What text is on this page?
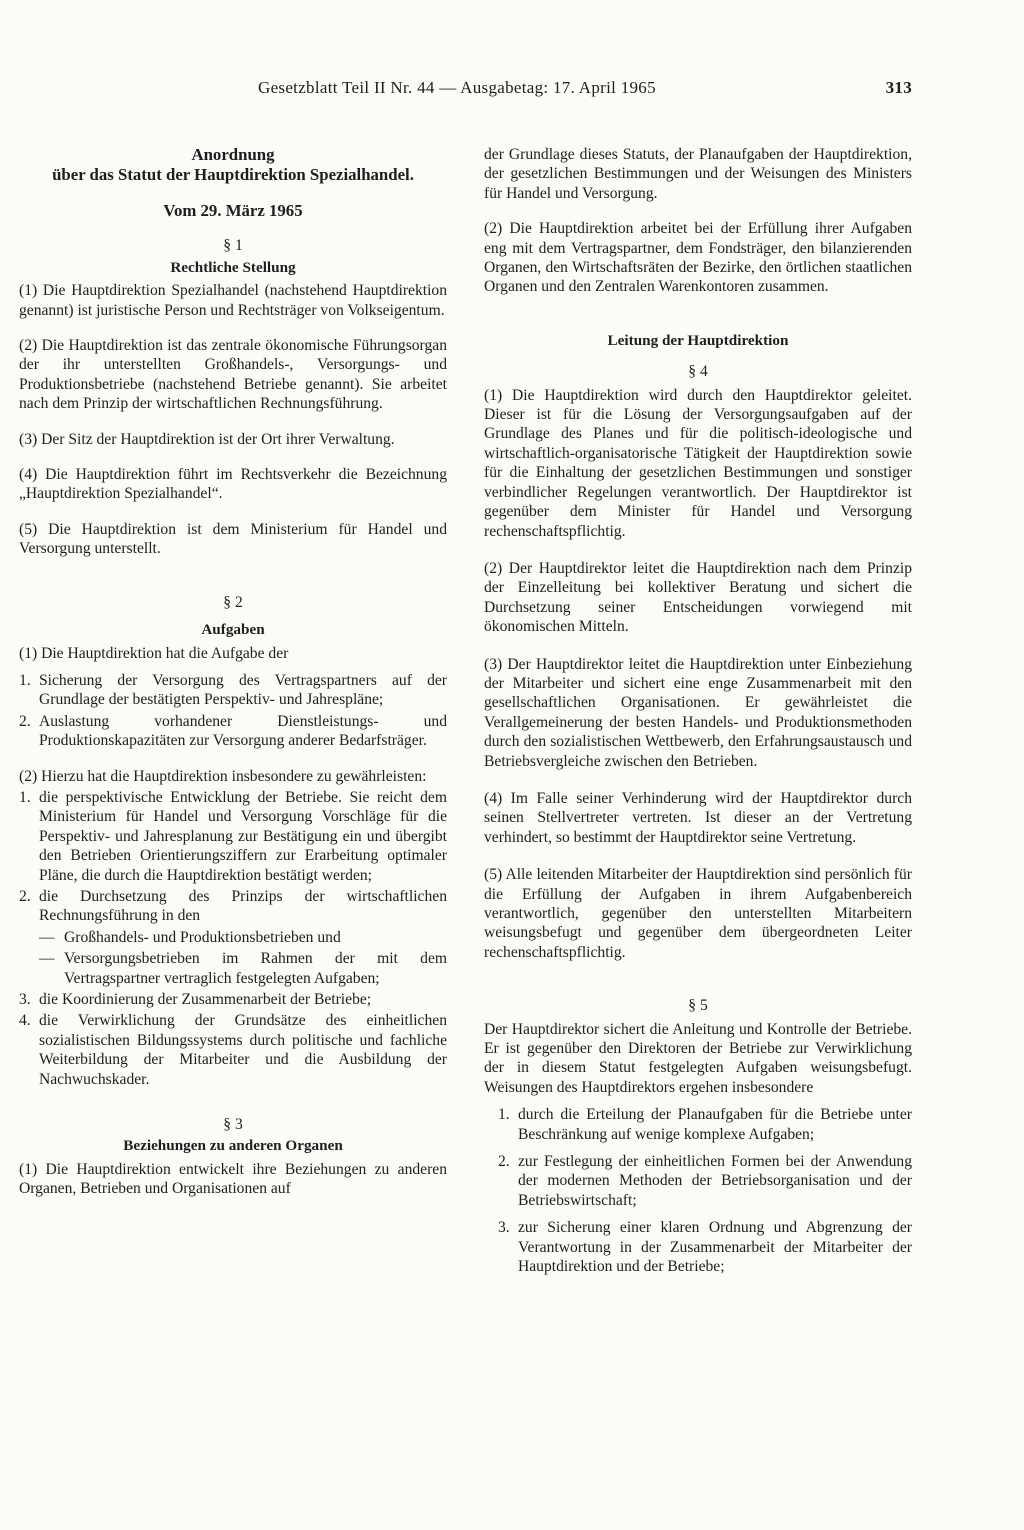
Gesetzblatt Teil II Nr. 44 — Ausgabetag: 17. April 1965	313

Anordnung

über das Statut der Hauptdirektion Spezialhandel.

Vom 29. März 1965

§ 1

Rechtliche Stellung

(1) Die Hauptdirektion Spezialhandel (nachstehend Hauptdirektion genannt) ist juristische Person und Rechtsträger von Volkseigentum.

(2) Die Hauptdirektion ist das zentrale ökonomische Führungsorgan der ihr unterstellten Großhandels-, Versorgungs- und Produktionsbetriebe (nachstehend Betriebe genannt). Sie arbeitet nach dem Prinzip der wirtschaftlichen Rechnungsführung.

(3) Der Sitz der Hauptdirektion ist der Ort ihrer Verwaltung.

(4) Die Hauptdirektion führt im Rechtsverkehr die Bezeichnung „Hauptdirektion Spezialhandel“.

(5) Die Hauptdirektion ist dem Ministerium für Handel und Versorgung unterstellt.

§ 2

Aufgaben

(1) Die Hauptdirektion hat die Aufgabe der

1. Sicherung der Versorgung des Vertragspartners auf der Grundlage der bestätigten Perspektiv- und Jahrespläne;
2. Auslastung vorhandener Dienstleistungs- und Produktionskapazitäten zur Versorgung anderer Bedarfsträger.

(2) Hierzu hat die Hauptdirektion insbesondere zu gewährleisten:

1. die perspektivische Entwicklung der Betriebe. Sie reicht dem Ministerium für Handel und Versorgung Vorschläge für die Perspektiv- und Jahresplanung zur Bestätigung ein und übergibt den Betrieben Orientierungsziffern zur Erarbeitung optimaler Pläne, die durch die Hauptdirektion bestätigt werden;
2. die Durchsetzung des Prinzips der wirtschaftlichen Rechnungsführung in den
— Großhandels- und Produktionsbetrieben und
— Versorgungsbetrieben im Rahmen der mit dem Vertragspartner vertraglich festgelegten Aufgaben;
3. die Koordinierung der Zusammenarbeit der Betriebe;
4. die Verwirklichung der Grundsätze des einheitlichen sozialistischen Bildungssystems durch politische und fachliche Weiterbildung der Mitarbeiter und die Ausbildung der Nachwuchskader.

§ 3

Beziehungen zu anderen Organen

(1) Die Hauptdirektion entwickelt ihre Beziehungen zu anderen Organen, Betrieben und Organisationen auf

der Grundlage dieses Statuts, der Planaufgaben der Hauptdirektion, der gesetzlichen Bestimmungen und der Weisungen des Ministers für Handel und Versorgung.

(2) Die Hauptdirektion arbeitet bei der Erfüllung ihrer Aufgaben eng mit dem Vertragspartner, dem Fondsträger, den bilanzierenden Organen, den Wirtschaftsräten der Bezirke, den örtlichen staatlichen Organen und den Zentralen Warenkontoren zusammen.

Leitung der Hauptdirektion

§ 4

(1) Die Hauptdirektion wird durch den Hauptdirektor geleitet. Dieser ist für die Lösung der Versorgungsaufgaben auf der Grundlage des Planes und für die politisch-ideologische und wirtschaftlich-organisatorische Tätigkeit der Hauptdirektion sowie für die Einhaltung der gesetzlichen Bestimmungen und sonstiger verbindlicher Regelungen verantwortlich. Der Hauptdirektor ist gegenüber dem Minister für Handel und Versorgung rechenschaftspflichtig.

(2) Der Hauptdirektor leitet die Hauptdirektion nach dem Prinzip der Einzelleitung bei kollektiver Beratung und sichert die Durchsetzung seiner Entscheidungen vorwiegend mit ökonomischen Mitteln.

(3) Der Hauptdirektor leitet die Hauptdirektion unter Einbeziehung der Mitarbeiter und sichert eine enge Zusammenarbeit mit den gesellschaftlichen Organisationen. Er gewährleistet die Verallgemeinerung der besten Handels- und Produktionsmethoden durch den sozialistischen Wettbewerb, den Erfahrungsaustausch und Betriebsvergleiche zwischen den Betrieben.

(4) Im Falle seiner Verhinderung wird der Hauptdirektor durch seinen Stellvertreter vertreten. Ist dieser an der Vertretung verhindert, so bestimmt der Hauptdirektor seine Vertretung.

(5) Alle leitenden Mitarbeiter der Hauptdirektion sind persönlich für die Erfüllung der Aufgaben in ihrem Aufgabenbereich verantwortlich, gegenüber den unterstellten Mitarbeitern weisungsbefugt und gegenüber dem übergeordneten Leiter rechenschaftspflichtig.

§ 5

Der Hauptdirektor sichert die Anleitung und Kontrolle der Betriebe. Er ist gegenüber den Direktoren der Betriebe zur Verwirklichung der in diesem Statut festgelegten Aufgaben weisungsbefugt. Weisungen des Hauptdirektors ergehen insbesondere

1. durch die Erteilung der Planaufgaben für die Betriebe unter Beschränkung auf wenige komplexe Aufgaben;
2. zur Festlegung der einheitlichen Formen bei der Anwendung der modernen Methoden der Betriebsorganisation und der Betriebswirtschaft;
3. zur Sicherung einer klaren Ordnung und Abgrenzung der Verantwortung in der Zusammenarbeit der Mitarbeiter der Hauptdirektion und der Betriebe;
